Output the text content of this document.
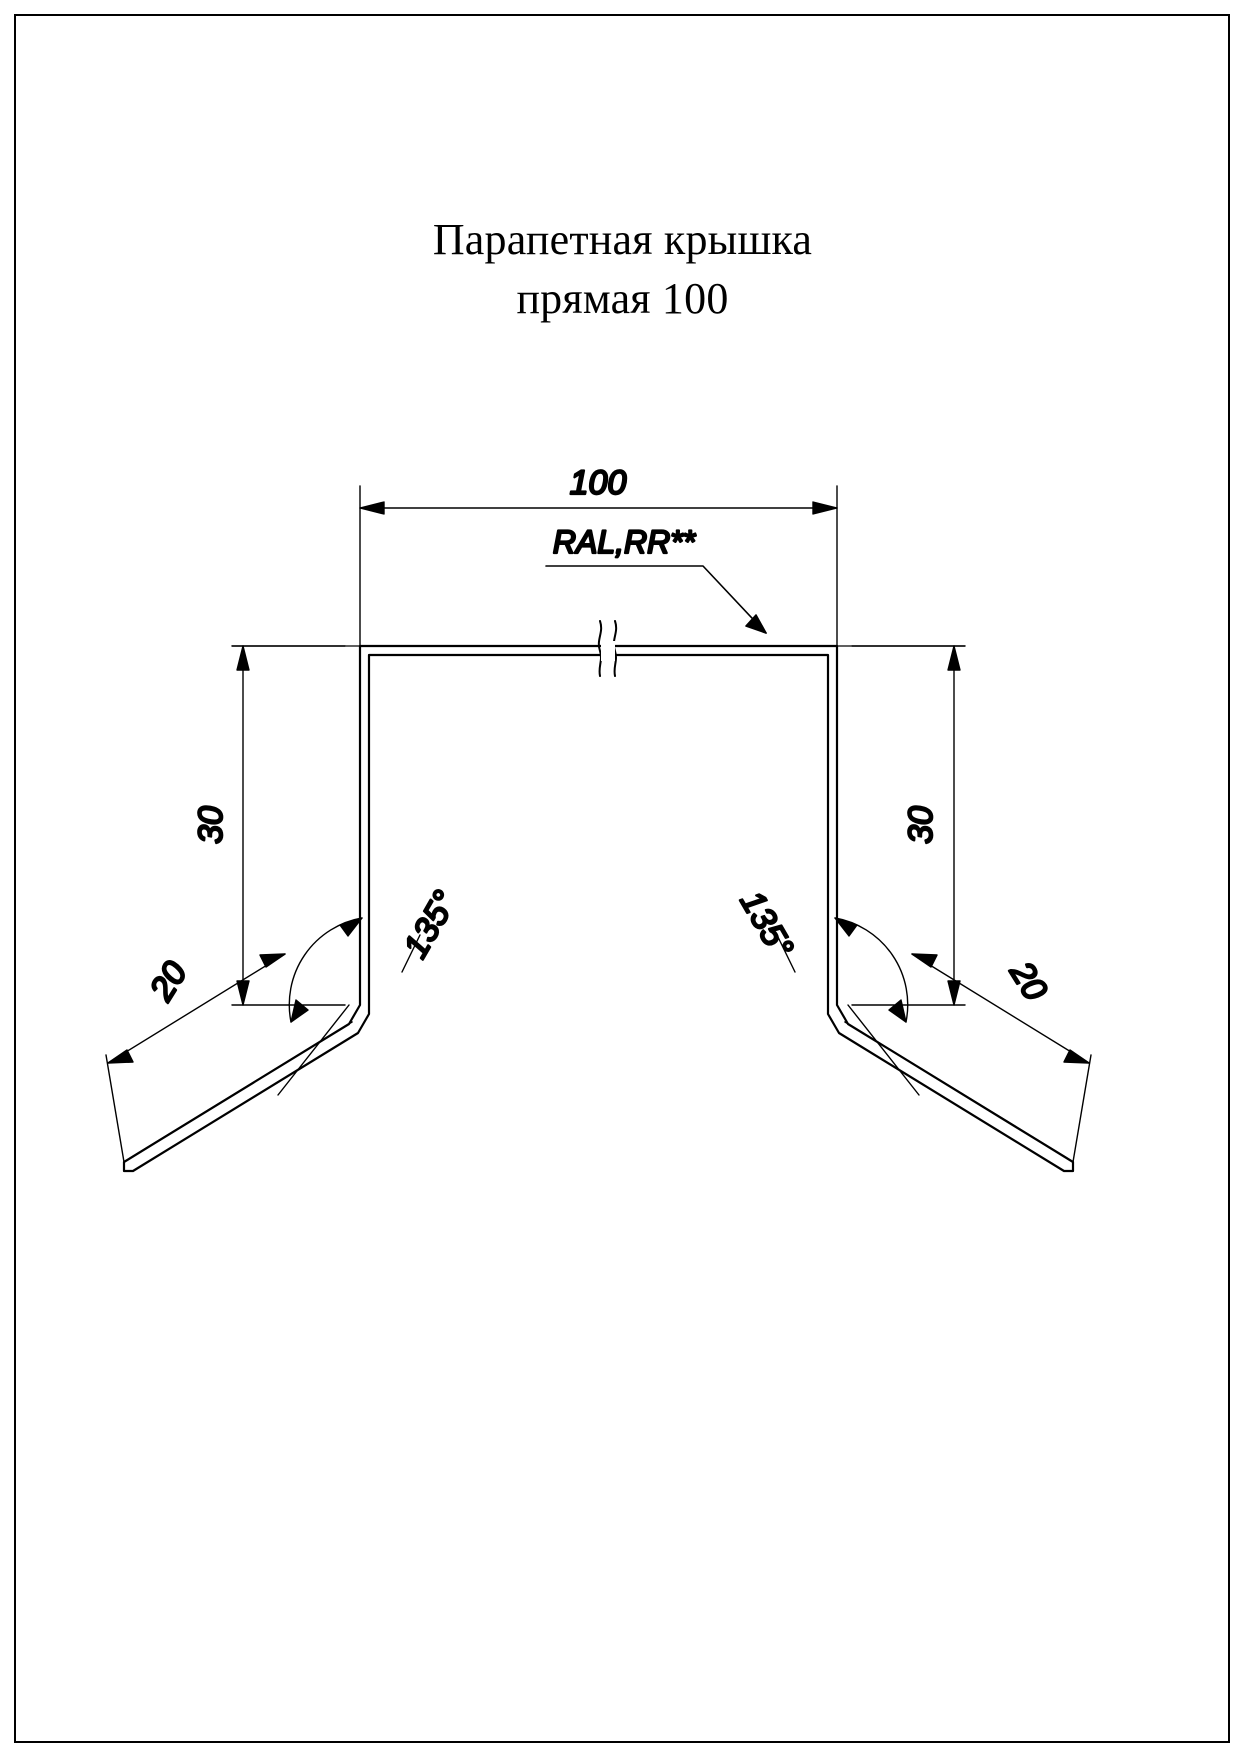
Парапетная крышка
прямая 100
100
RAL,RR**
30
20
135°
30
20
135°
